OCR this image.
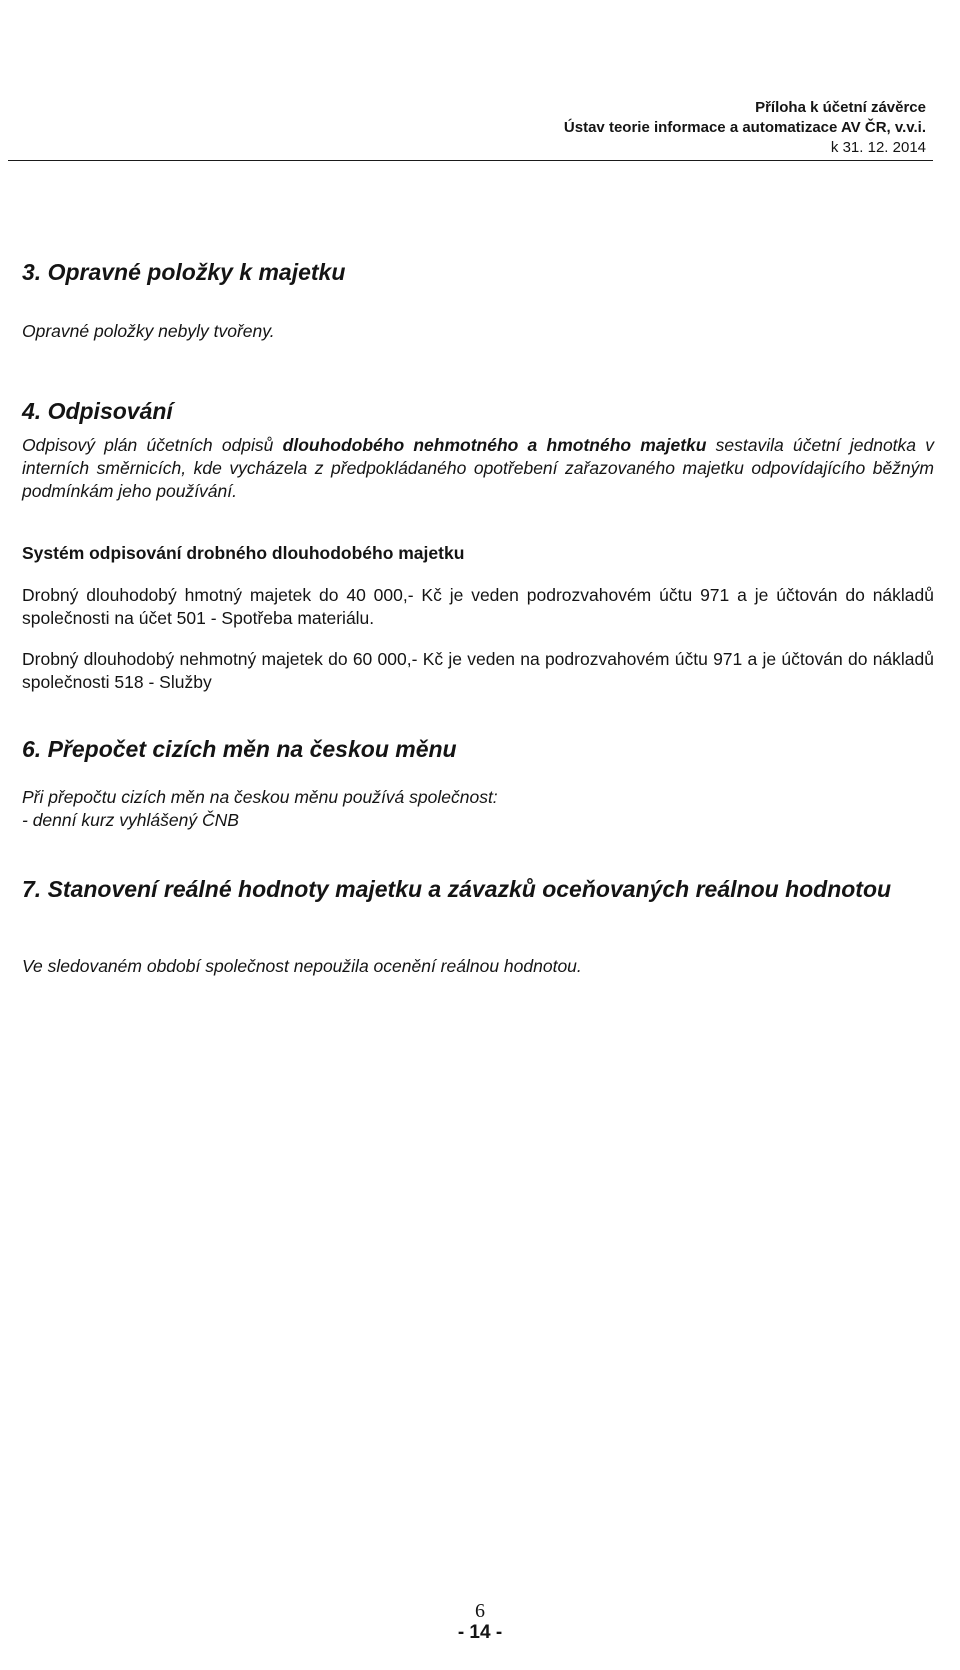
Příloha k účetní závěrce
Ústav teorie informace a automatizace AV ČR, v.v.i.
k 31. 12. 2014
3. Opravné položky k majetku

Opravné položky nebyly tvořeny.

4. Odpisování

Odpisový plán účetních odpisů dlouhodobého nehmotného a hmotného majetku sestavila účetní jednotka v interních směrnicích, kde vycházela z předpokládaného opotřebení zařazovaného majetku odpovídajícího běžným podmínkám jeho používání.

Systém odpisování drobného dlouhodobého majetku

Drobný dlouhodobý hmotný majetek do 40 000,- Kč je veden podrozvahovém účtu 971 a je účtován do nákladů společnosti na účet 501 - Spotřeba materiálu.

Drobný dlouhodobý nehmotný majetek do 60 000,- Kč je veden na podrozvahovém účtu 971 a je účtován do nákladů společnosti 518 - Služby

6. Přepočet cizích měn na českou měnu

Při přepočtu cizích měn na českou měnu používá společnost:

- denní kurz vyhlášený ČNB

7. Stanovení reálné hodnoty majetku a závazků oceňovaných reálnou hodnotou

Ve sledovaném období společnost nepoužila ocenění reálnou hodnotou.

6
- 14 -
